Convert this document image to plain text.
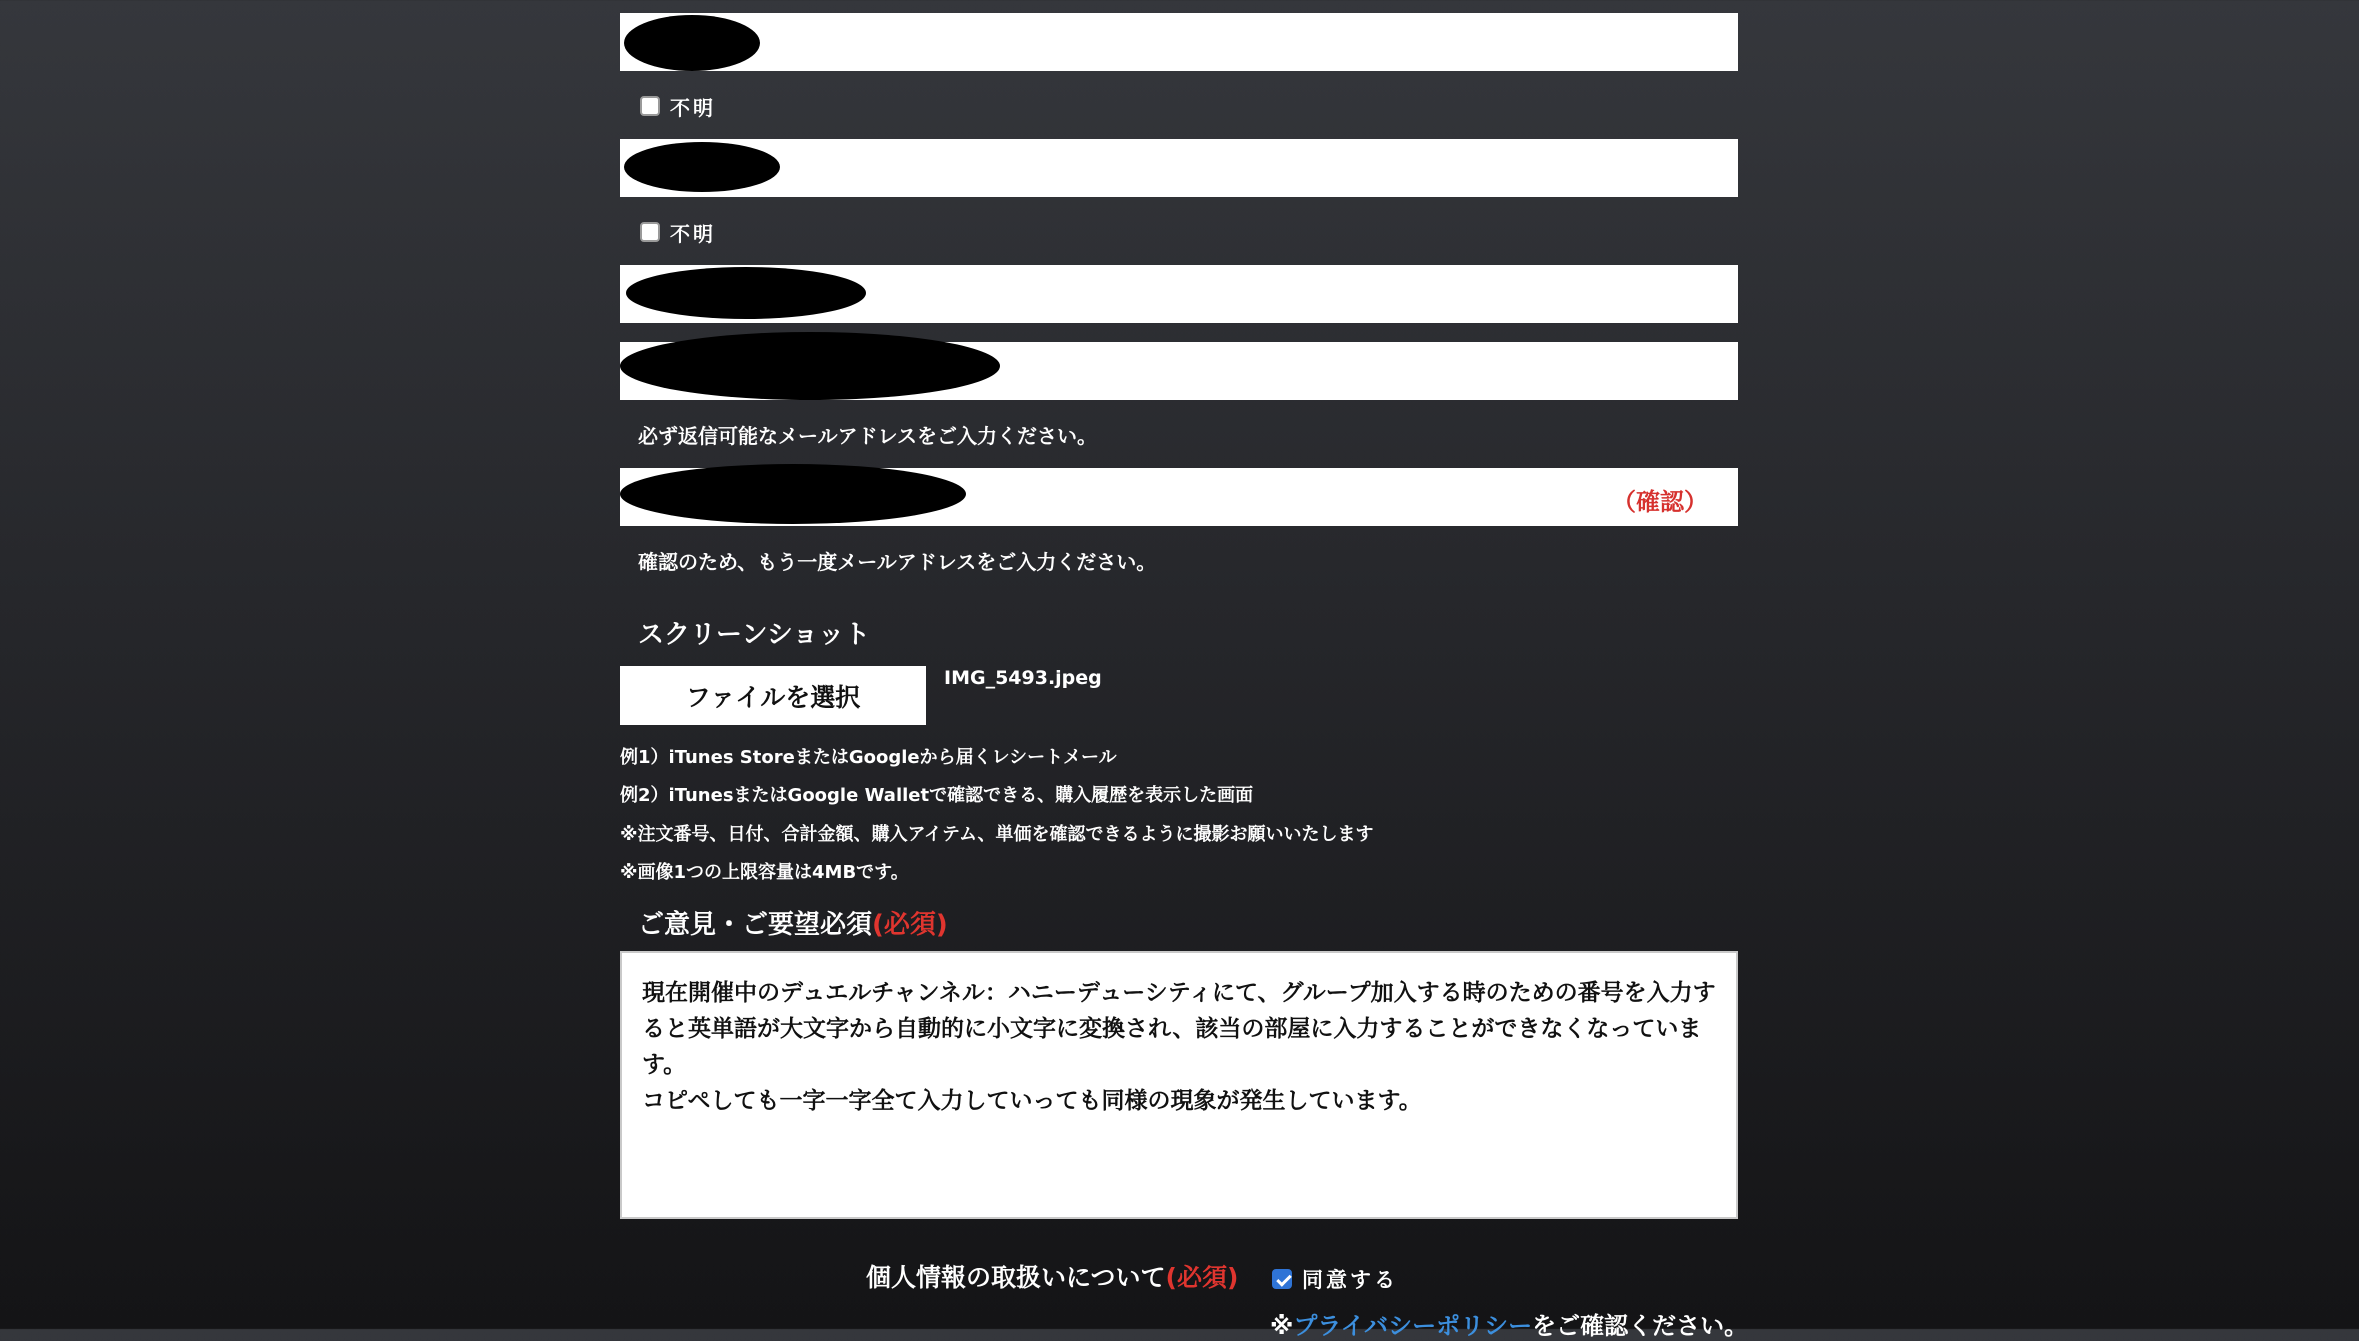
不明
不明
必ず返信可能なメールアドレスをご入力ください。
（確認）
確認のため、もう一度メールアドレスをご入力ください。
スクリーンショット
ファイルを選択
IMG_5493.jpeg
例1）iTunes StoreまたはGoogleから届くレシートメール
例2）iTunesまたはGoogle Walletで確認できる、購入履歴を表示した画面
※注文番号、日付、合計金額、購入アイテム、単価を確認できるように撮影お願いいたします
※画像1つの上限容量は4MBです。
ご意見・ご要望必須(必須)
現在開催中のデュエルチャンネル：ハニーデューシティにて、グループ加入する時のための番号を入力すると英単語が大文字から自動的に小文字に変換され、該当の部屋に入力することができなくなっています。
コピペしても一字一字全て入力していっても同様の現象が発生しています。
個人情報の取扱いについて(必須)	同意する
※プライバシーポリシーをご確認ください。
